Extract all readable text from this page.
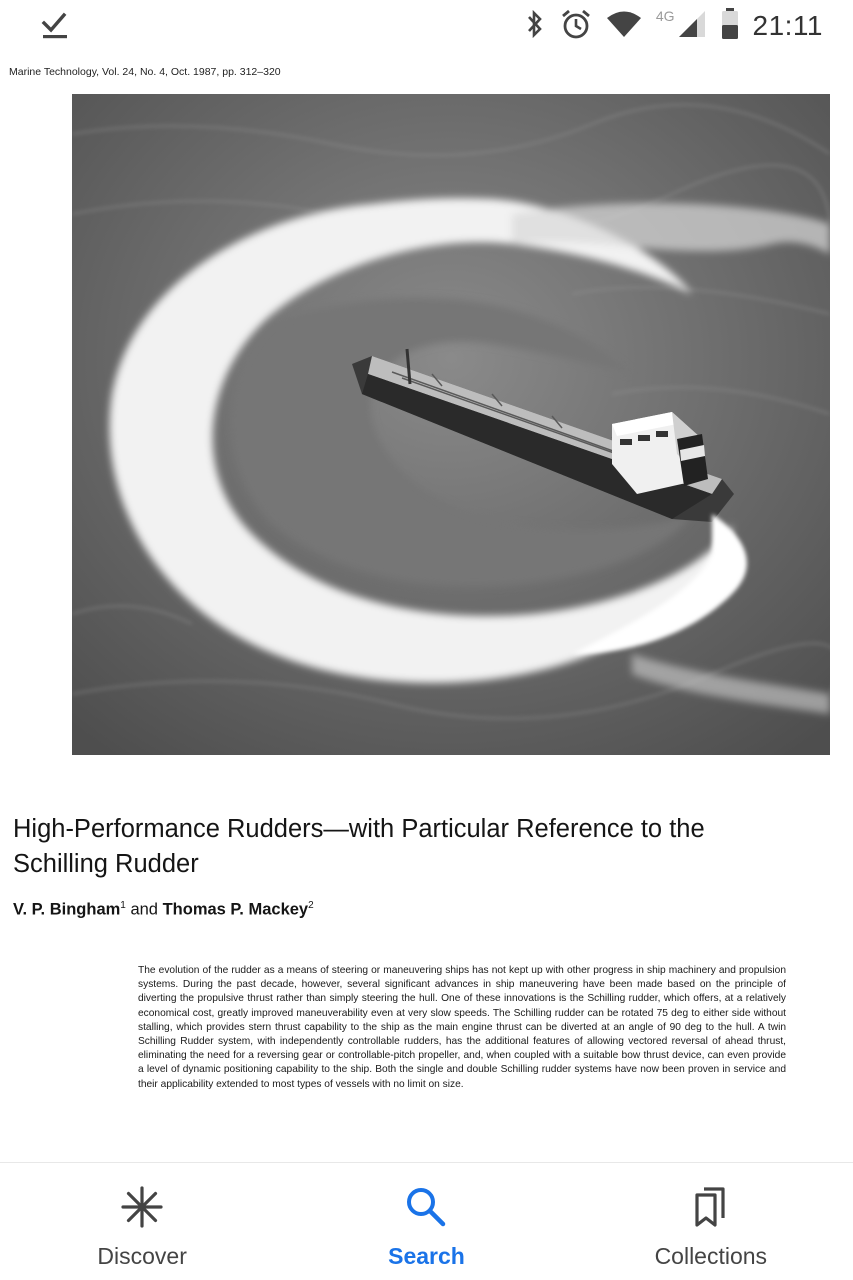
4G	21:11
Marine Technology, Vol. 24, No. 4, Oct. 1987, pp. 312–320
High-Performance Rudders—with Particular Reference to the Schilling Rudder
V. P. Bingham$^1$ and Thomas P. Mackey$^2$

The evolution of the rudder as a means of steering or maneuvering ships has not kept up with other progress in ship machinery and propulsion systems. During the past decade, however, several significant advances in ship maneuvering have been made based on the principle of diverting the propulsive thrust rather than simply steering the hull. One of these innovations is the Schilling rudder, which offers, at a relatively economical cost, greatly improved maneuverability even at very slow speeds. The Schilling rudder can be rotated 75 deg to either side without stalling, which provides stern thrust capability to the ship as the main engine thrust can be diverted at an angle of 90 deg to the hull. A twin Schilling Rudder system, with independently controllable rudders, has the additional features of allowing vectored reversal of ahead thrust, eliminating the need for a reversing gear or controllable-pitch propeller, and, when coupled with a suitable bow thrust device, can even provide a level of dynamic positioning capability to the ship. Both the single and double Schilling rudder systems have now been proven in service and their applicability extended to most types of vessels with no limit on size.

Discover	Search	Collections
